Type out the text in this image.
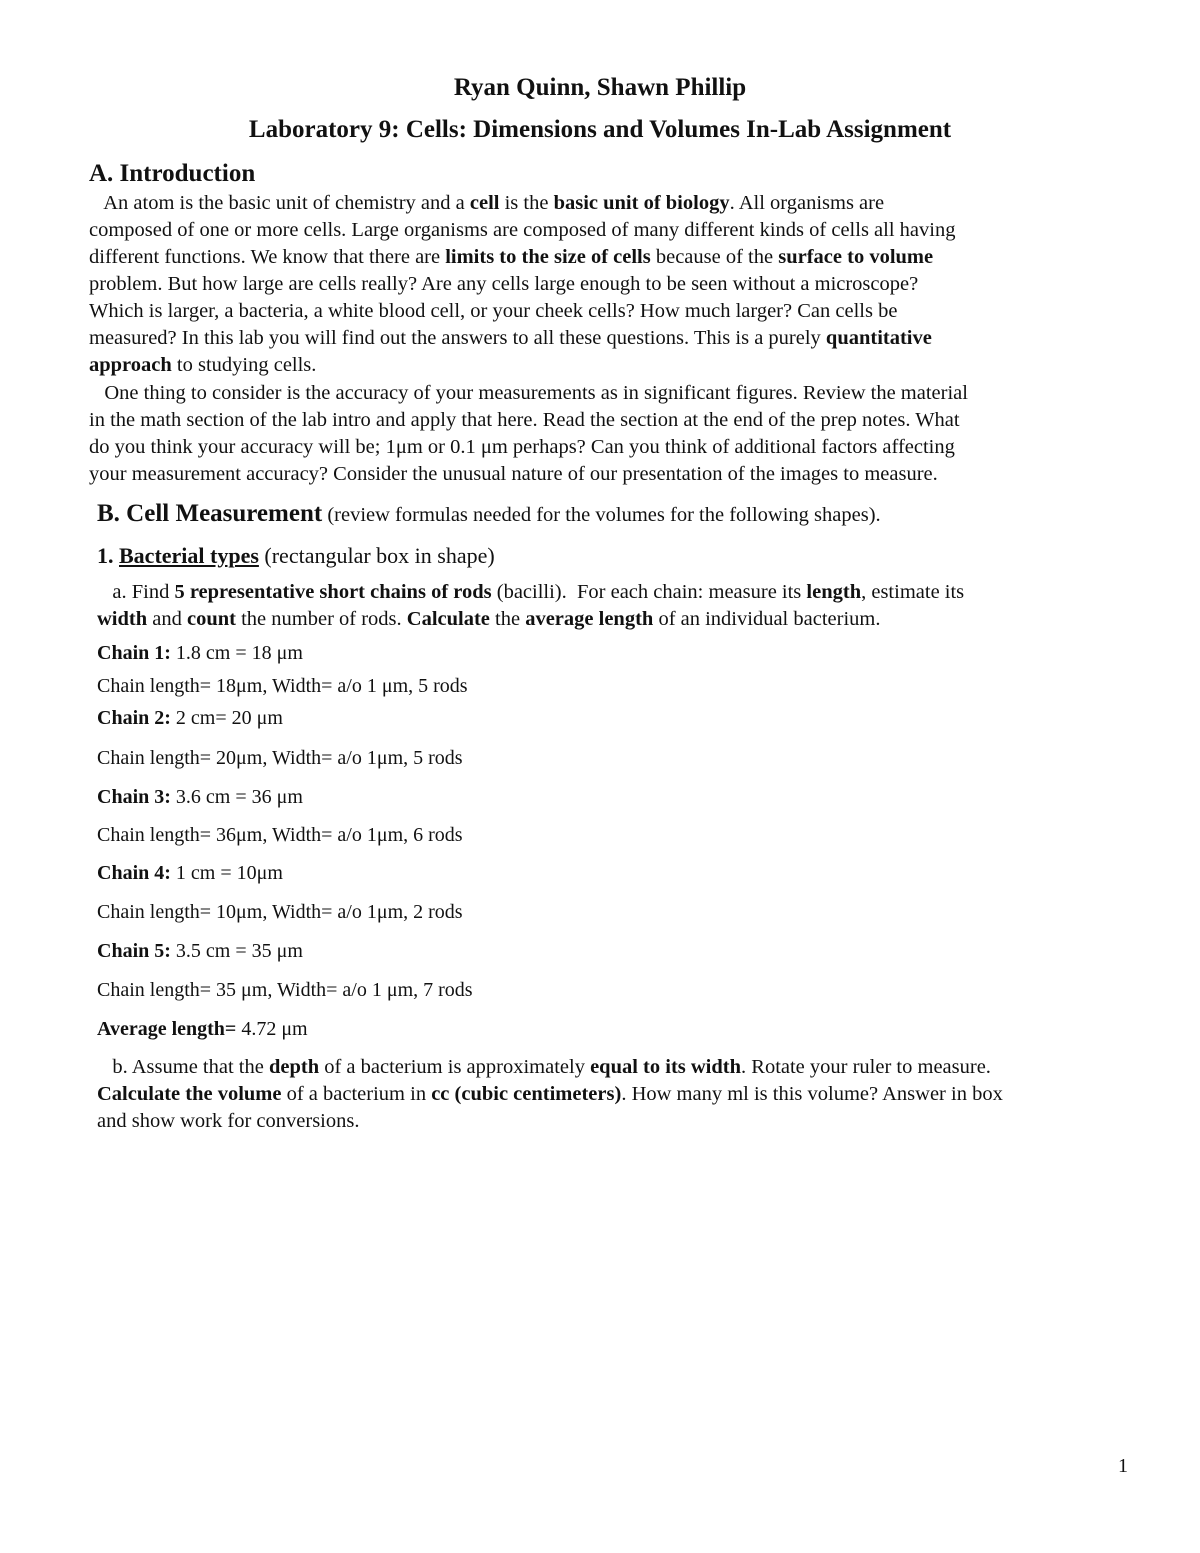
Ryan Quinn, Shawn Phillip
Laboratory 9: Cells: Dimensions and Volumes In-Lab Assignment
A. Introduction
An atom is the basic unit of chemistry and a cell is the basic unit of biology. All organisms are
composed of one or more cells. Large organisms are composed of many different kinds of cells all having
different functions. We know that there are limits to the size of cells because of the surface to volume
problem. But how large are cells really? Are any cells large enough to be seen without a microscope?
Which is larger, a bacteria, a white blood cell, or your cheek cells? How much larger? Can cells be
measured? In this lab you will find out the answers to all these questions. This is a purely quantitative
approach to studying cells.
One thing to consider is the accuracy of your measurements as in significant figures. Review the material
in the math section of the lab intro and apply that here. Read the section at the end of the prep notes. What
do you think your accuracy will be; 1μm or 0.1 μm perhaps? Can you think of additional factors affecting
your measurement accuracy? Consider the unusual nature of our presentation of the images to measure.
B. Cell Measurement (review formulas needed for the volumes for the following shapes).
1. Bacterial types (rectangular box in shape)
a. Find 5 representative short chains of rods (bacilli).  For each chain: measure its length, estimate its
width and count the number of rods. Calculate the average length of an individual bacterium.
Chain 1: 1.8 cm = 18 μm
Chain length= 18μm, Width= a/o 1 μm, 5 rods
Chain 2: 2 cm= 20 μm
Chain length= 20μm, Width= a/o 1μm, 5 rods
Chain 3: 3.6 cm = 36 μm
Chain length= 36μm, Width= a/o 1μm, 6 rods
Chain 4: 1 cm = 10μm
Chain length= 10μm, Width= a/o 1μm, 2 rods
Chain 5: 3.5 cm = 35 μm
Chain length= 35 μm, Width= a/o 1 μm, 7 rods
Average length= 4.72 μm
b. Assume that the depth of a bacterium is approximately equal to its width. Rotate your ruler to measure.
Calculate the volume of a bacterium in cc (cubic centimeters). How many ml is this volume? Answer in box
and show work for conversions.
1
